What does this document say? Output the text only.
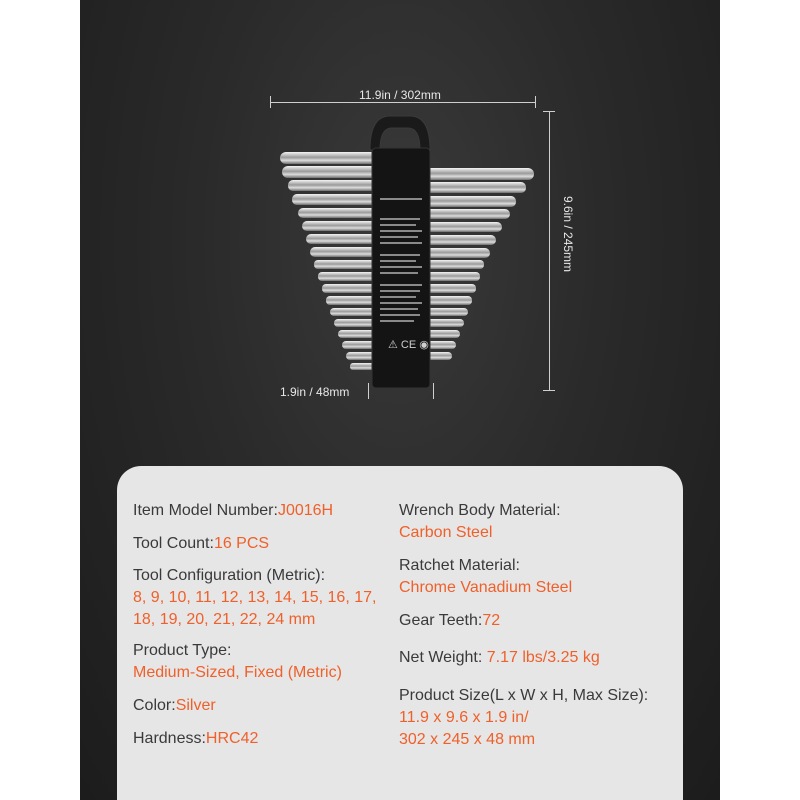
11.9in / 302mm
9.6in / 245mm
1.9in / 48mm
⚠ CE ◉
Item Model Number:J0016H
Tool Count:16 PCS
Tool Configuration (Metric):
8, 9, 10, 11, 12, 13, 14, 15, 16, 17,
18, 19, 20, 21, 22, 24 mm
Product Type:
Medium-Sized, Fixed (Metric)
Color:Silver
Hardness:HRC42
Wrench Body Material:
Carbon Steel
Ratchet Material:
Chrome Vanadium Steel
Gear Teeth:72
Net Weight: 7.17 lbs/3.25 kg
Product Size(L x W x H, Max Size):
11.9 x 9.6 x 1.9 in/
302 x 245 x 48 mm
